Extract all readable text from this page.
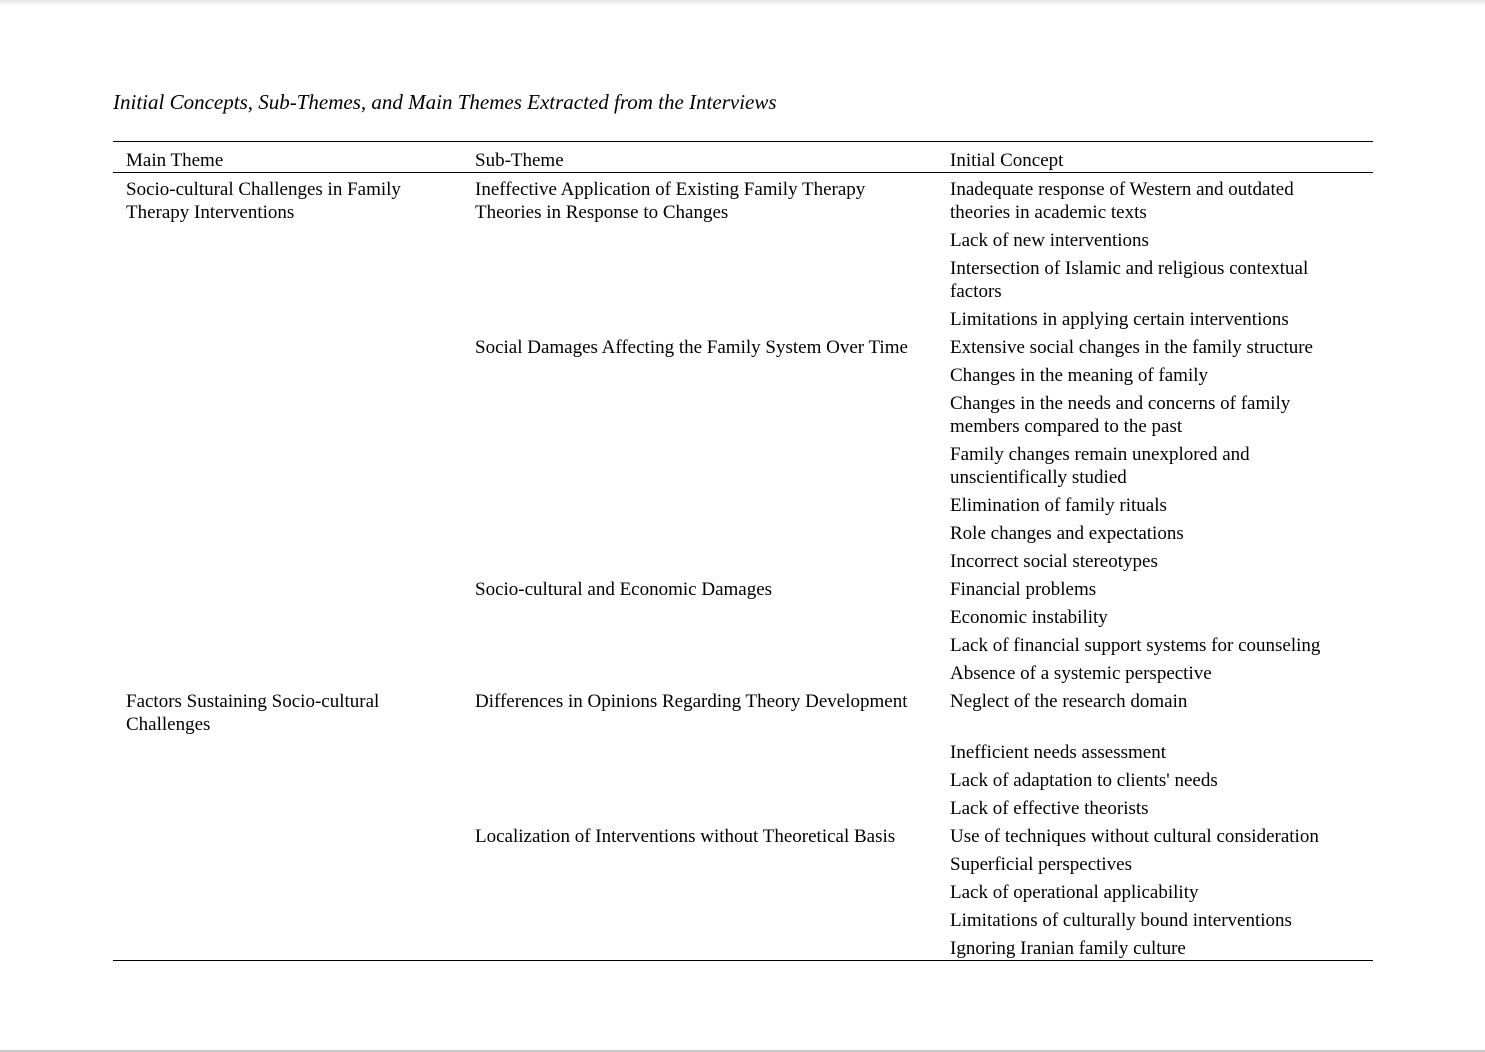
Initial Concepts, Sub-Themes, and Main Themes Extracted from the Interviews
Main Theme	Sub-Theme	Initial Concept
Socio-cultural Challenges in Family Therapy Interventions	Ineffective Application of Existing Family Therapy Theories in Response to Changes	Inadequate response of Western and outdated theories in academic texts
		Lack of new interventions
		Intersection of Islamic and religious contextual factors
		Limitations in applying certain interventions
	Social Damages Affecting the Family System Over Time	Extensive social changes in the family structure
		Changes in the meaning of family
		Changes in the needs and concerns of family members compared to the past
		Family changes remain unexplored and unscientifically studied
		Elimination of family rituals
		Role changes and expectations
		Incorrect social stereotypes
	Socio-cultural and Economic Damages	Financial problems
		Economic instability
		Lack of financial support systems for counseling
		Absence of a systemic perspective
Factors Sustaining Socio-cultural Challenges	Differences in Opinions Regarding Theory Development	Neglect of the research domain
		Inefficient needs assessment
		Lack of adaptation to clients' needs
		Lack of effective theorists
	Localization of Interventions without Theoretical Basis	Use of techniques without cultural consideration
		Superficial perspectives
		Lack of operational applicability
		Limitations of culturally bound interventions
		Ignoring Iranian family culture
